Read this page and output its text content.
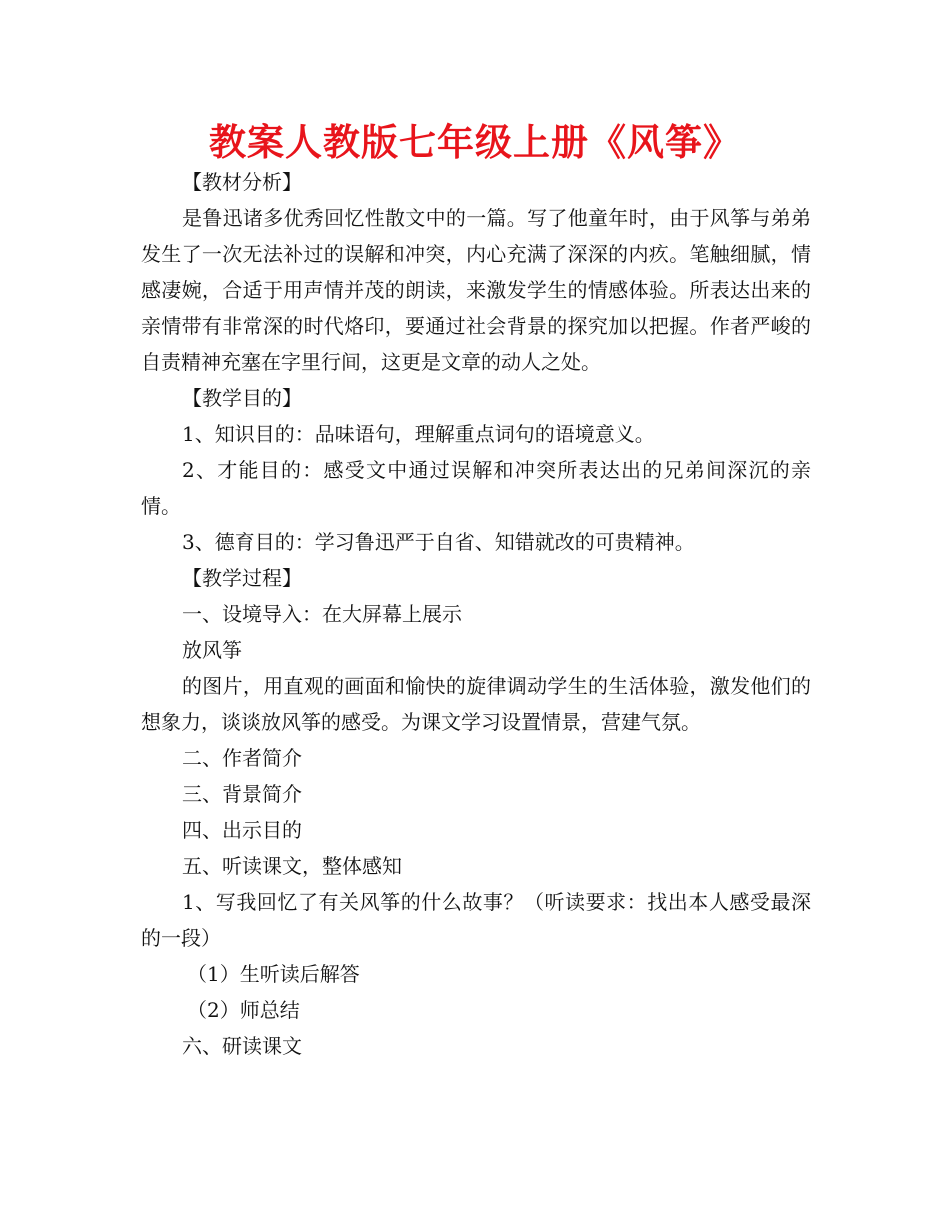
教案人教版七年级上册《风筝》

【教材分析】

是鲁迅诸多优秀回忆性散文中的一篇。写了他童年时，由于风筝与弟弟发生了一次无法补过的误解和冲突，内心充满了深深的内疚。笔触细腻，情感凄婉，合适于用声情并茂的朗读，来激发学生的情感体验。所表达出来的亲情带有非常深的时代烙印，要通过社会背景的探究加以把握。作者严峻的自责精神充塞在字里行间，这更是文章的动人之处。

【教学目的】

1、知识目的：品味语句，理解重点词句的语境意义。

2、才能目的：感受文中通过误解和冲突所表达出的兄弟间深沉的亲情。

3、德育目的：学习鲁迅严于自省、知错就改的可贵精神。

【教学过程】

一、设境导入：在大屏幕上展示

放风筝

的图片，用直观的画面和愉快的旋律调动学生的生活体验，激发他们的想象力，谈谈放风筝的感受。为课文学习设置情景，营建气氛。

二、作者简介

三、背景简介

四、出示目的

五、听读课文，整体感知

1、写我回忆了有关风筝的什么故事？（听读要求：找出本人感受最深的一段）

（1）生听读后解答

（2）师总结

六、研读课文
